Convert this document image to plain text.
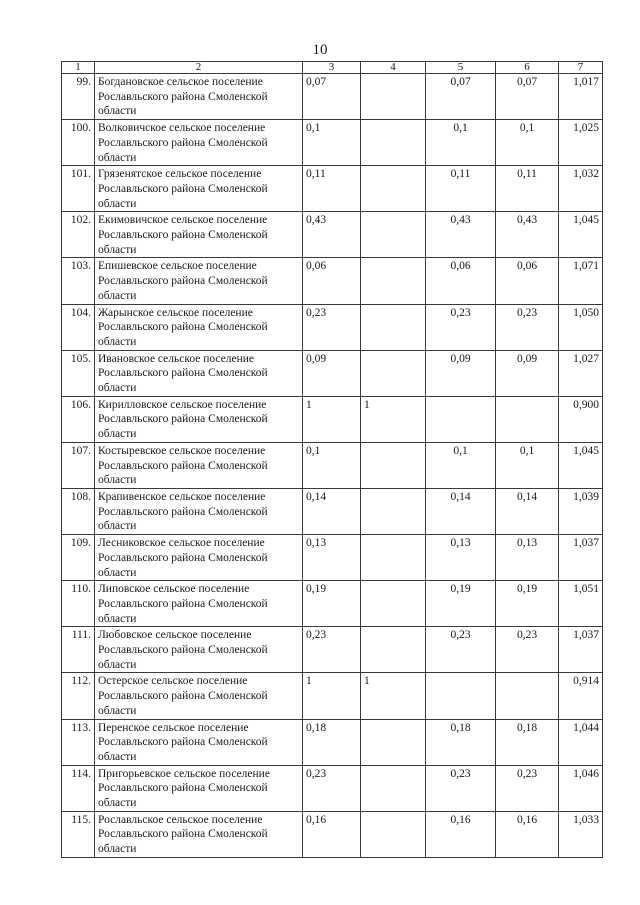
10
1	2	3	4	5	6	7
99.	Богдановское сельское поселение Рославльского района Смоленской области	0,07		0,07	0,07	1,017
100.	Волковичское сельское поселение Рославльского района Смоленской области	0,1		0,1	0,1	1,025
101.	Грязенятское сельское поселение Рославльского района Смоленской области	0,11		0,11	0,11	1,032
102.	Екимовичское сельское поселение Рославльского района Смоленской области	0,43		0,43	0,43	1,045
103.	Епишевское сельское поселение Рославльского района Смоленской области	0,06		0,06	0,06	1,071
104.	Жарынское сельское поселение Рославльского района Смоленской области	0,23		0,23	0,23	1,050
105.	Ивановское сельское поселение Рославльского района Смоленской области	0,09		0,09	0,09	1,027
106.	Кирилловское сельское поселение Рославльского района Смоленской области	1	1			0,900
107.	Костыревское сельское поселение Рославльского района Смоленской области	0,1		0,1	0,1	1,045
108.	Крапивенское сельское поселение Рославльского района Смоленской области	0,14		0,14	0,14	1,039
109.	Лесниковское сельское поселение Рославльского района Смоленской области	0,13		0,13	0,13	1,037
110.	Липовское сельское поселение Рославльского района Смоленской области	0,19		0,19	0,19	1,051
111.	Любовское сельское поселение Рославльского района Смоленской области	0,23		0,23	0,23	1,037
112.	Остерское сельское поселение Рославльского района Смоленской области	1	1			0,914
113.	Перенское сельское поселение Рославльского района Смоленской области	0,18		0,18	0,18	1,044
114.	Пригорьевское сельское поселение Рославльского района Смоленской области	0,23		0,23	0,23	1,046
115.	Рославльское сельское поселение Рославльского района Смоленской области	0,16		0,16	0,16	1,033
